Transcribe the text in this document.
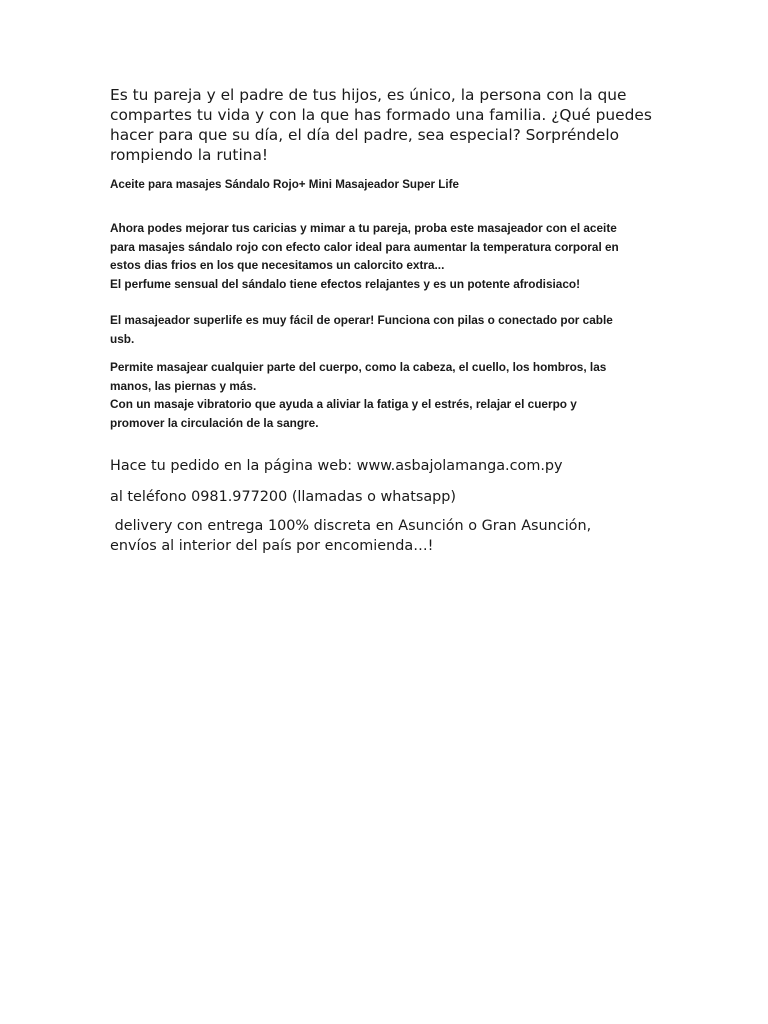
Es tu pareja y el padre de tus hijos, es único, la persona con la que
compartes tu vida y con la que has formado una familia. ¿Qué puedes
hacer para que su día, el día del padre, sea especial? Sorpréndelo
rompiendo la rutina!
Aceite para masajes Sándalo Rojo+ Mini Masajeador Super Life
Ahora podes mejorar tus caricias y mimar a tu pareja, proba este masajeador con el aceite
para masajes sándalo rojo con efecto calor ideal para aumentar la temperatura corporal en
estos dias frios en los que necesitamos un calorcito extra...
El perfume sensual del sándalo tiene efectos relajantes y es un potente afrodisiaco!
El masajeador superlife es muy fácil de operar! Funciona con pilas o conectado por cable
usb.
Permite masajear cualquier parte del cuerpo, como la cabeza, el cuello, los hombros, las
manos, las piernas y más.
Con un masaje vibratorio que ayuda a aliviar la fatiga y el estrés, relajar el cuerpo y
promover la circulación de la sangre.
Hace tu pedido en la página web: www.asbajolamanga.com.py
al teléfono 0981.977200 (llamadas o whatsapp)
delivery con entrega 100% discreta en Asunción o Gran Asunción,
envíos al interior del país por encomienda…!
